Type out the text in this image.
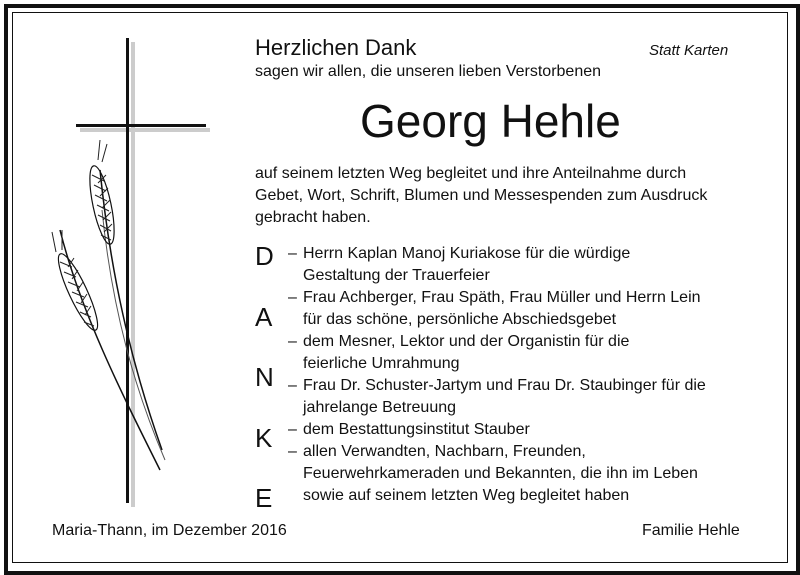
Herzlichen Dank	Statt Karten
sagen wir allen, die unseren lieben Verstorbenen
Georg Hehle
auf seinem letzten Weg begleitet und ihre Anteilnahme durch Gebet, Wort, Schrift, Blumen und Messespenden zum Ausdruck gebracht haben.
D
A
N
K
E
– Herrn Kaplan Manoj Kuriakose für die würdige
Gestaltung der Trauerfeier
– Frau Achberger, Frau Späth, Frau Müller und Herrn Lein
für das schöne, persönliche Abschiedsgebet
– dem Mesner, Lektor und der Organistin für die
feierliche Umrahmung
– Frau Dr. Schuster-Jartym und Frau Dr. Staubinger für die
jahrelange Betreuung
– dem Bestattungsinstitut Stauber
– allen Verwandten, Nachbarn, Freunden,
Feuerwehrkameraden und Bekannten, die ihn im Leben
sowie auf seinem letzten Weg begleitet haben
Maria-Thann, im Dezember 2016	Familie Hehle
